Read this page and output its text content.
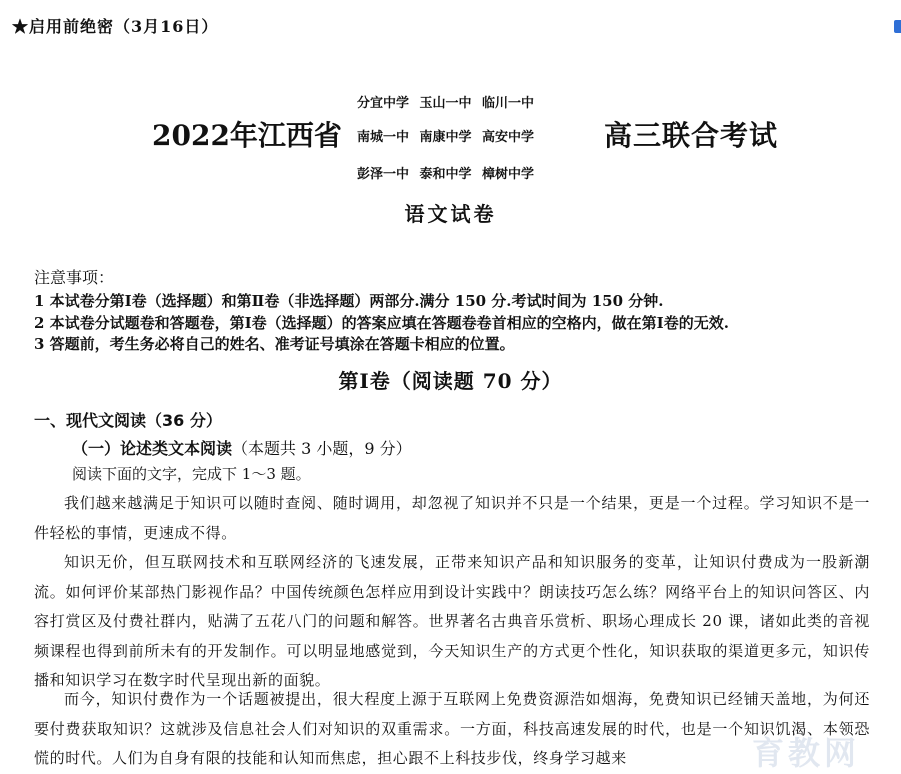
★启用前绝密（3月16日）
分宜中学 玉山一中 临川一中
2022年江西省 南城一中 南康中学 高安中学 高三联合考试
彭泽一中 泰和中学 樟树中学
语文试卷
注意事项：
1 本试卷分第Ⅰ卷（选择题）和第Ⅱ卷（非选择题）两部分.满分 150 分.考试时间为 150 分钟.
2 本试卷分试题卷和答题卷，第Ⅰ卷（选择题）的答案应填在答题卷卷首相应的空格内，做在第Ⅰ卷的无效.
3 答题前，考生务必将自己的姓名、准考证号填涂在答题卡相应的位置。
第Ⅰ卷（阅读题 70 分）
一、现代文阅读（36 分）
（一）论述类文本阅读（本题共 3 小题，9 分）
阅读下面的文字，完成下 1～3 题。
我们越来越满足于知识可以随时查阅、随时调用，却忽视了知识并不只是一个结果，更是一个过程。学习知识不是一件轻松的事情，更速成不得。
知识无价，但互联网技术和互联网经济的飞速发展，正带来知识产品和知识服务的变革，让知识付费成为一股新潮流。如何评价某部热门影视作品？中国传统颜色怎样应用到设计实践中？朗读技巧怎么练？网络平台上的知识问答区、内容打赏区及付费社群内，贴满了五花八门的问题和解答。世界著名古典音乐赏析、职场心理成长 20 课，诸如此类的音视频课程也得到前所未有的开发制作。可以明显地感觉到，今天知识生产的方式更个性化，知识获取的渠道更多元，知识传播和知识学习在数字时代呈现出新的面貌。
而今，知识付费作为一个话题被提出，很大程度上源于互联网上免费资源浩如烟海，免费知识已经铺天盖地，为何还要付费获取知识？这就涉及信息社会人们对知识的双重需求。一方面，科技高速发展的时代，也是一个知识饥渴、本领恐慌的时代。人们为自身有限的技能和认知而焦虑，担心跟不上科技步伐，终身学习越来	育教网
